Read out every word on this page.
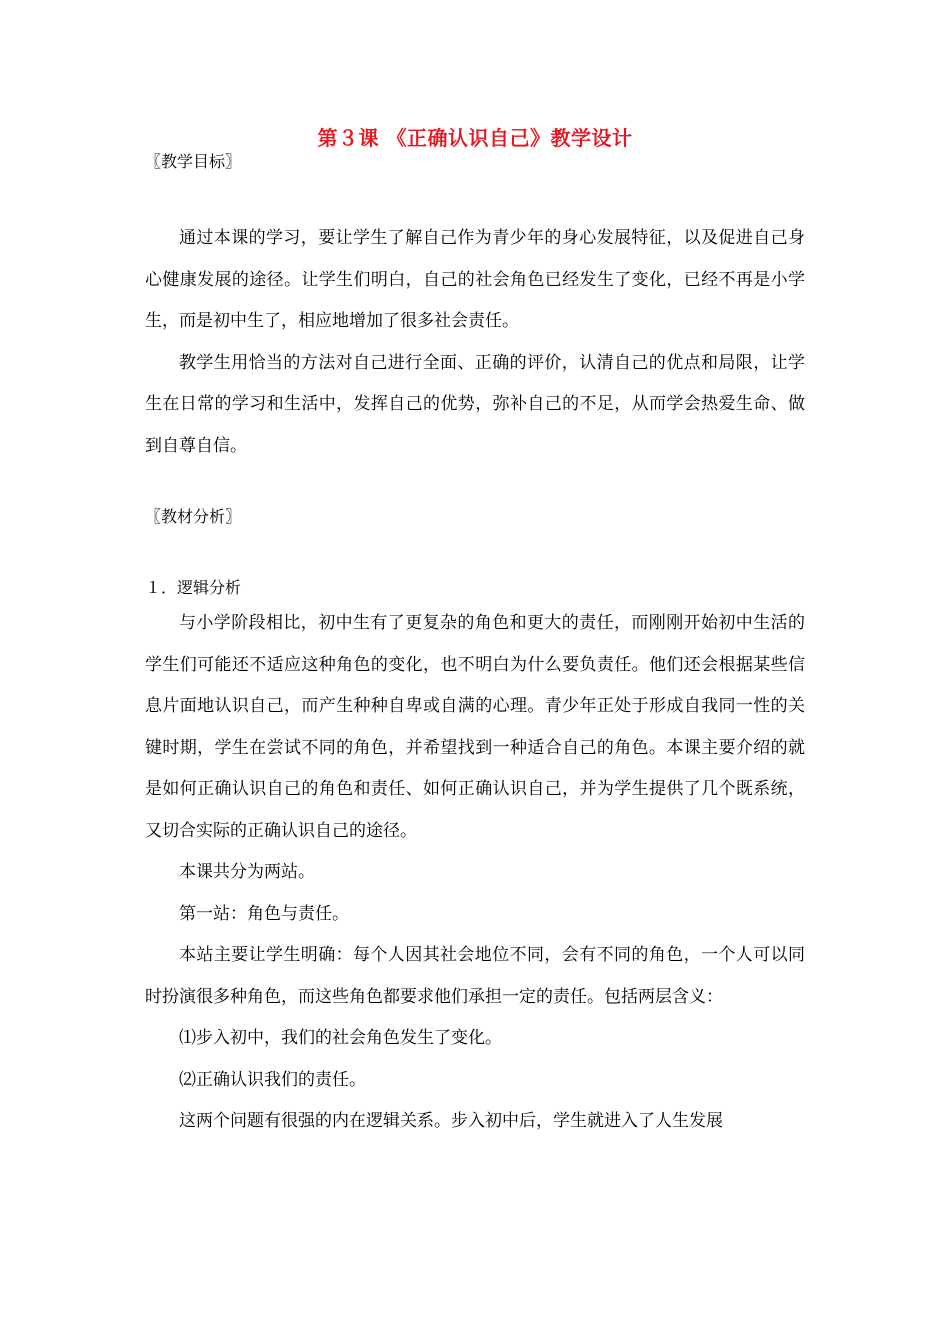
第３课 《正确认识自己》教学设计
〖教学目标〗

通过本课的学习，要让学生了解自己作为青少年的身心发展特征，以及促进自己身心健康发展的途径。让学生们明白，自己的社会角色已经发生了变化，已经不再是小学生，而是初中生了，相应地增加了很多社会责任。

教学生用恰当的方法对自己进行全面、正确的评价，认清自己的优点和局限，让学生在日常的学习和生活中，发挥自己的优势，弥补自己的不足，从而学会热爱生命、做到自尊自信。

〖教材分析〗
１．逻辑分析

与小学阶段相比，初中生有了更复杂的角色和更大的责任，而刚刚开始初中生活的学生们可能还不适应这种角色的变化，也不明白为什么要负责任。他们还会根据某些信息片面地认识自己，而产生种种自卑或自满的心理。青少年正处于形成自我同一性的关键时期，学生在尝试不同的角色，并希望找到一种适合自己的角色。本课主要介绍的就是如何正确认识自己的角色和责任、如何正确认识自己，并为学生提供了几个既系统，又切合实际的正确认识自己的途径。

本课共分为两站。

第一站：角色与责任。

本站主要让学生明确：每个人因其社会地位不同，会有不同的角色，一个人可以同时扮演很多种角色，而这些角色都要求他们承担一定的责任。包括两层含义：

⑴步入初中，我们的社会角色发生了变化。

⑵正确认识我们的责任。

这两个问题有很强的内在逻辑关系。步入初中后，学生就进入了人生发展
